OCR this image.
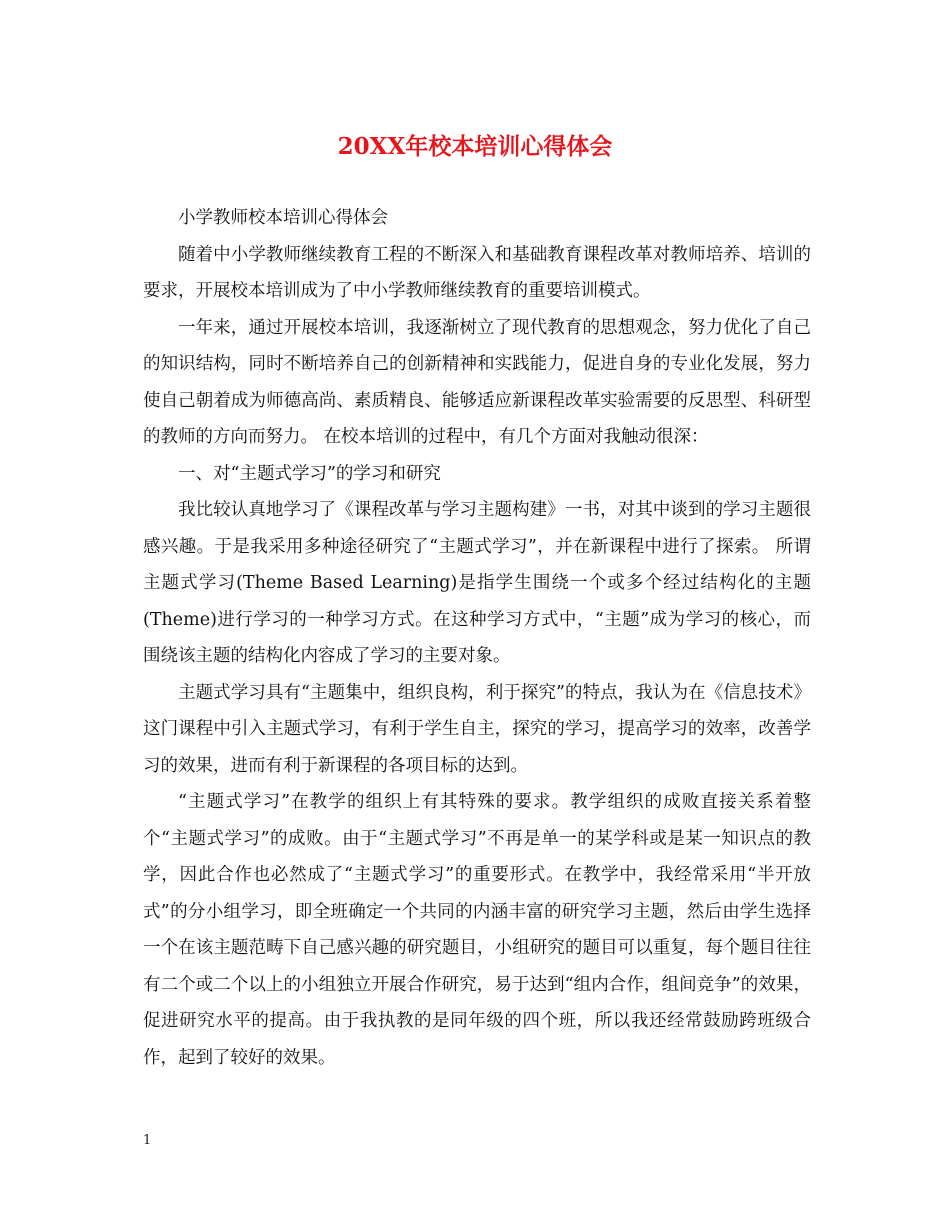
20XX年校本培训心得体会

小学教师校本培训心得体会

随着中小学教师继续教育工程的不断深入和基础教育课程改革对教师培养、培训的要求，开展校本培训成为了中小学教师继续教育的重要培训模式。

一年来，通过开展校本培训，我逐渐树立了现代教育的思想观念，努力优化了自己的知识结构，同时不断培养自己的创新精神和实践能力，促进自身的专业化发展，努力使自己朝着成为师德高尚、素质精良、能够适应新课程改革实验需要的反思型、科研型的教师的方向而努力。 在校本培训的过程中，有几个方面对我触动很深：

一、对“主题式学习”的学习和研究

我比较认真地学习了《课程改革与学习主题构建》一书，对其中谈到的学习主题很感兴趣。于是我采用多种途径研究了“主题式学习”，并在新课程中进行了探索。 所谓主题式学习(Theme Based Learning)是指学生围绕一个或多个经过结构化的主题(Theme)进行学习的一种学习方式。在这种学习方式中，“主题”成为学习的核心，而围绕该主题的结构化内容成了学习的主要对象。

主题式学习具有“主题集中，组织良构，利于探究”的特点，我认为在《信息技术》这门课程中引入主题式学习，有利于学生自主，探究的学习，提高学习的效率，改善学习的效果，进而有利于新课程的各项目标的达到。

“主题式学习”在教学的组织上有其特殊的要求。教学组织的成败直接关系着整个“主题式学习”的成败。由于“主题式学习”不再是单一的某学科或是某一知识点的教学，因此合作也必然成了“主题式学习”的重要形式。在教学中，我经常采用“半开放式”的分小组学习，即全班确定一个共同的内涵丰富的研究学习主题，然后由学生选择一个在该主题范畴下自己感兴趣的研究题目，小组研究的题目可以重复，每个题目往往有二个或二个以上的小组独立开展合作研究，易于达到“组内合作，组间竞争”的效果，促进研究水平的提高。由于我执教的是同年级的四个班，所以我还经常鼓励跨班级合作，起到了较好的效果。

1
